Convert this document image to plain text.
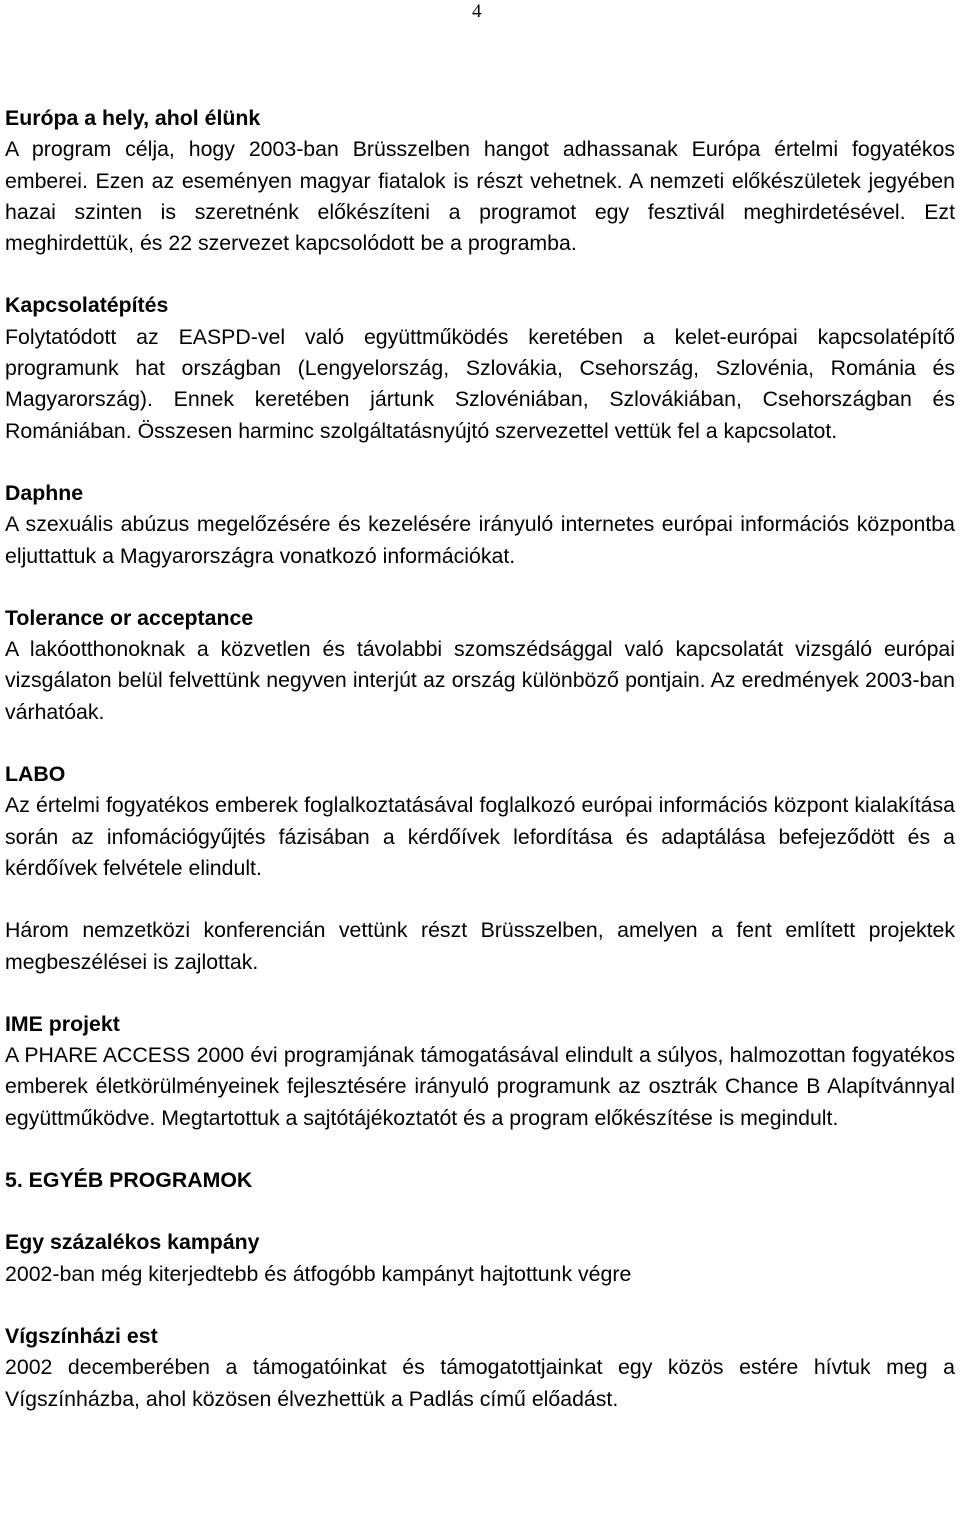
4
Európa a hely, ahol élünk

A program célja, hogy 2003-ban Brüsszelben hangot adhassanak Európa értelmi fogyatékos emberei. Ezen az eseményen magyar fiatalok is részt vehetnek. A nemzeti előkészületek jegyében hazai szinten is szeretnénk előkészíteni a programot egy fesztivál meghirdetésével. Ezt meghirdettük, és 22 szervezet kapcsolódott be a programba.

Kapcsolatépítés

Folytatódott az EASPD-vel való együttműködés keretében a kelet-európai kapcsolatépítő programunk hat országban (Lengyelország, Szlovákia, Csehország, Szlovénia, Románia és Magyarország). Ennek keretében jártunk Szlovéniában, Szlovákiában, Csehországban és Romániában. Összesen harminc szolgáltatásnyújtó szervezettel vettük fel a kapcsolatot.

Daphne

A szexuális abúzus megelőzésére és kezelésére irányuló internetes európai információs központba eljuttattuk a Magyarországra vonatkozó információkat.

Tolerance or acceptance

A lakóotthonoknak a közvetlen és távolabbi szomszédsággal való kapcsolatát vizsgáló európai vizsgálaton belül felvettünk negyven interjút az ország különböző pontjain. Az eredmények 2003-ban várhatóak.

LABO

Az értelmi fogyatékos emberek foglalkoztatásával foglalkozó európai információs központ kialakítása során az infomációgyűjtés fázisában a kérdőívek lefordítása és adaptálása befejeződött és a kérdőívek felvétele elindult.

Három nemzetközi konferencián vettünk részt Brüsszelben, amelyen a fent említett projektek megbeszélései is zajlottak.

IME projekt

A PHARE ACCESS 2000 évi programjának támogatásával elindult a súlyos, halmozottan fogyatékos emberek életkörülményeinek fejlesztésére irányuló programunk az osztrák Chance B Alapítvánnyal együttműködve. Megtartottuk a sajtótájékoztatót és a program előkészítése is megindult.

5. EGYÉB PROGRAMOK
Egy százalékos kampány

2002-ban még kiterjedtebb és átfogóbb kampányt hajtottunk végre

Vígszínházi est

2002 decemberében a támogatóinkat és támogatottjainkat egy közös estére hívtuk meg a Vígszínházba, ahol közösen élvezhettük a Padlás című előadást.
